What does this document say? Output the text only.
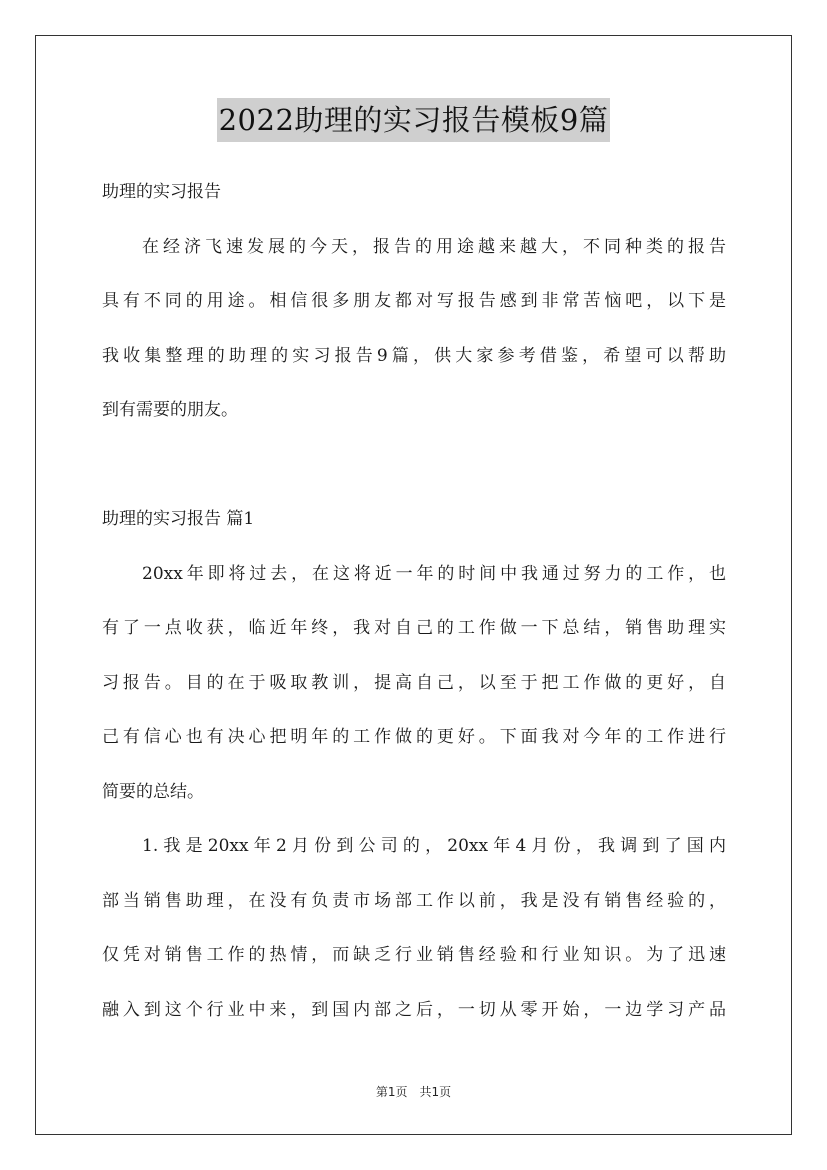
2022助理的实习报告模板9篇
助理的实习报告
在经济飞速发展的今天，报告的用途越来越大，不同种类的报告
具有不同的用途。相信很多朋友都对写报告感到非常苦恼吧，以下是
我收集整理的助理的实习报告9篇，供大家参考借鉴，希望可以帮助
到有需要的朋友。
助理的实习报告 篇1
20xx年即将过去，在这将近一年的时间中我通过努力的工作，也
有了一点收获，临近年终，我对自己的工作做一下总结，销售助理实
习报告。目的在于吸取教训，提高自己，以至于把工作做的更好，自
己有信心也有决心把明年的工作做的更好。下面我对今年的工作进行
简要的总结。
1.我是20xx年2月份到公司的，20xx年4月份，我调到了国内
部当销售助理，在没有负责市场部工作以前，我是没有销售经验的，
仅凭对销售工作的热情，而缺乏行业销售经验和行业知识。为了迅速
融入到这个行业中来，到国内部之后，一切从零开始，一边学习产品
第1页　共1页
